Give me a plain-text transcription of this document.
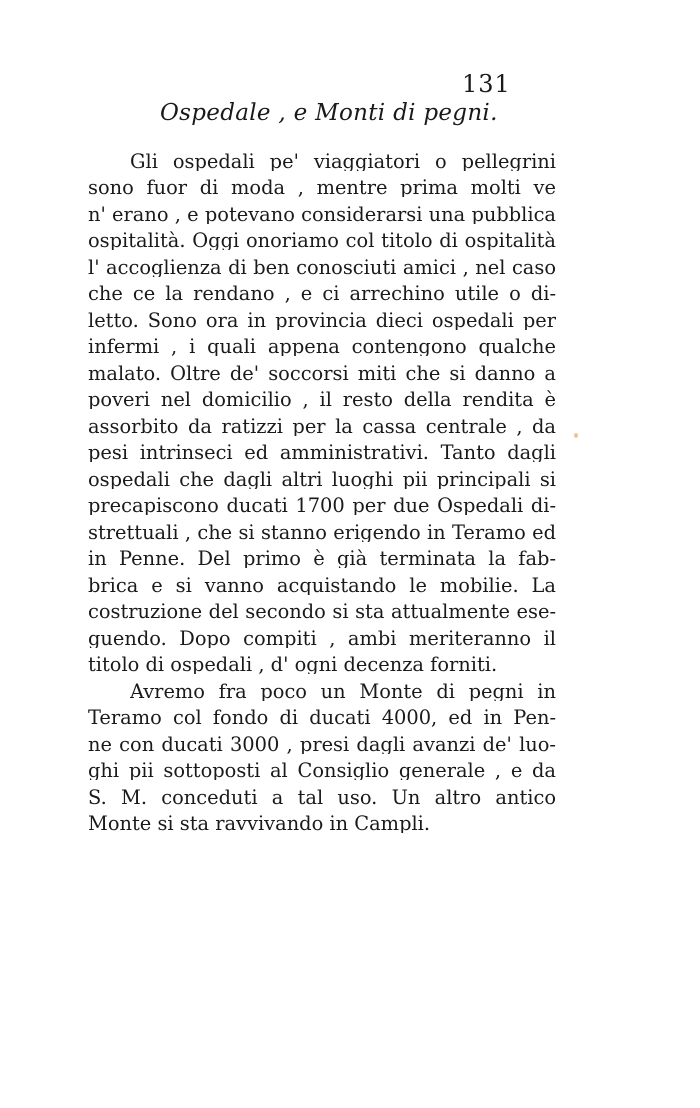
131
Ospedale , e Monti di pegni.
Gli ospedali pe' viaggiatori o pellegrini
sono fuor di moda , mentre prima molti ve
n' erano , e potevano considerarsi una pubblica
ospitalità. Oggi onoriamo col titolo di ospitalità
l' accoglienza di ben conosciuti amici , nel caso
che ce la rendano , e ci arrechino utile o di-
letto. Sono ora in provincia dieci ospedali per
infermi , i quali appena contengono qualche
malato. Oltre de' soccorsi miti che si danno a
poveri nel domicilio , il resto della rendita è
assorbito da ratizzi per la cassa centrale , da
pesi intrinseci ed amministrativi. Tanto dagli
ospedali che dagli altri luoghi pii principali si
precapiscono ducati 1700 per due Ospedali di-
strettuali , che si stanno erigendo in Teramo ed
in Penne. Del primo è già terminata la fab-
brica e si vanno acquistando le mobilie. La
costruzione del secondo si sta attualmente ese-
guendo. Dopo compiti , ambi meriteranno il
titolo di ospedali , d' ogni decenza forniti.
Avremo fra poco un Monte di pegni in
Teramo col fondo di ducati 4000, ed in Pen-
ne con ducati 3000 , presi dagli avanzi de' luo-
ghi pii sottoposti al Consiglio generale , e da
S. M. conceduti a tal uso. Un altro antico
Monte si sta ravvivando in Campli.
